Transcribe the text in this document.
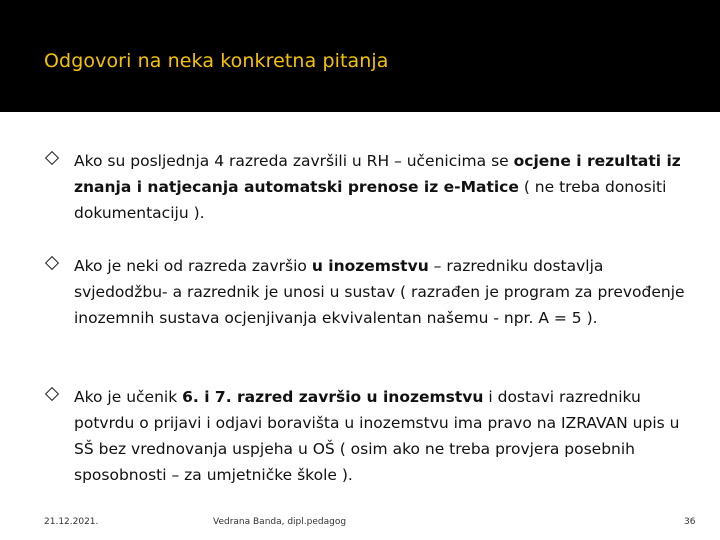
Odgovori na neka konkretna pitanja
Ako su posljednja 4 razreda završili u RH – učenicima se ocjene i rezultati iz znanja i natjecanja automatski prenose iz e-Matice ( ne treba donositi dokumentaciju ).
Ako je neki od razreda završio u inozemstvu – razredniku dostavlja svjedodžbu- a razrednik je unosi u sustav ( razrađen je program za prevođenje inozemnih sustava ocjenjivanja ekvivalentan našemu - npr. A = 5 ).
Ako je učenik 6. i 7. razred završio u inozemstvu i dostavi razredniku potvrdu o prijavi i odjavi boravišta u inozemstvu ima pravo na IZRAVAN upis u SŠ bez vrednovanja uspjeha u OŠ ( osim ako ne treba provjera posebnih sposobnosti – za umjetničke škole ).
21.12.2021.	Vedrana Banda, dipl.pedagog	36
